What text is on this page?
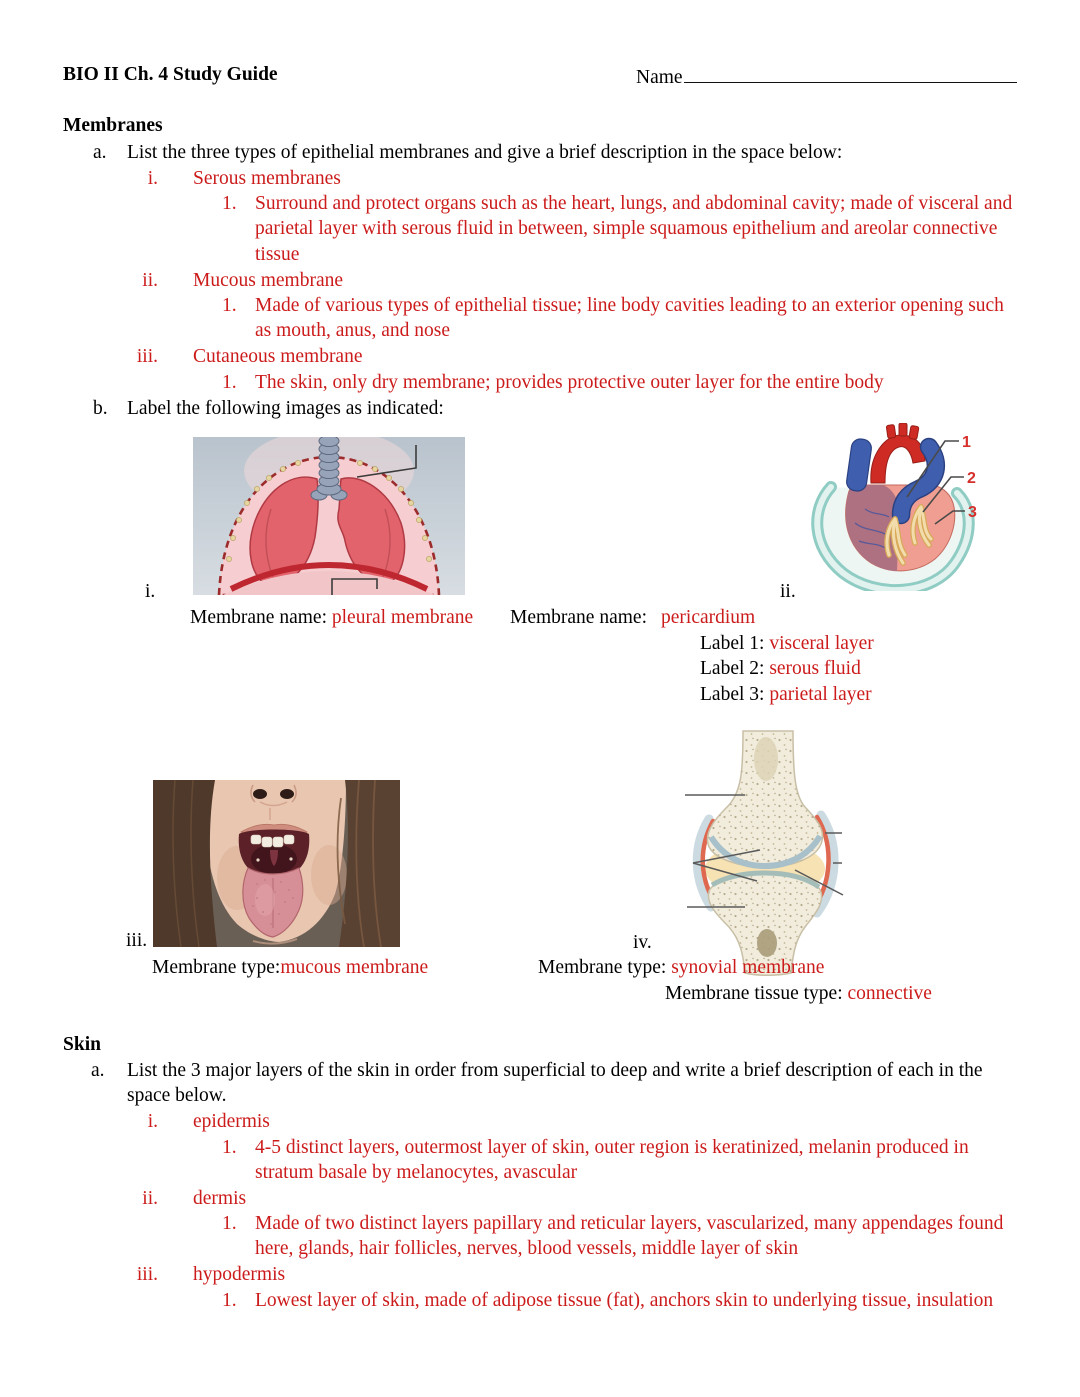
BIO II Ch. 4 Study Guide	Name
Membranes
a. List the three types of epithelial membranes and give a brief description in the space below:
i. Serous membranes
1. Surround and protect organs such as the heart, lungs, and abdominal cavity; made of visceral and
parietal layer with serous fluid in between, simple squamous epithelium and areolar connective
tissue
ii. Mucous membrane
1. Made of various types of epithelial tissue; line body cavities leading to an exterior opening such
as mouth, anus, and nose
iii. Cutaneous membrane
1. The skin, only dry membrane; provides protective outer layer for the entire body
b. Label the following images as indicated:
i.
Membrane name: pleural membrane
1
2
3
ii.
Membrane name: pericardium
Label 1: visceral layer
Label 2: serous fluid
Label 3: parietal layer
iii.
Membrane type:mucous membrane
iv.
Membrane type: synovial membrane
Membrane tissue type: connective
Skin
a. List the 3 major layers of the skin in order from superficial to deep and write a brief description of each in the
space below.
i. epidermis
1. 4-5 distinct layers, outermost layer of skin, outer region is keratinized, melanin produced in
stratum basale by melanocytes, avascular
ii. dermis
1. Made of two distinct layers papillary and reticular layers, vascularized, many appendages found
here, glands, hair follicles, nerves, blood vessels, middle layer of skin
iii. hypodermis
1. Lowest layer of skin, made of adipose tissue (fat), anchors skin to underlying tissue, insulation
